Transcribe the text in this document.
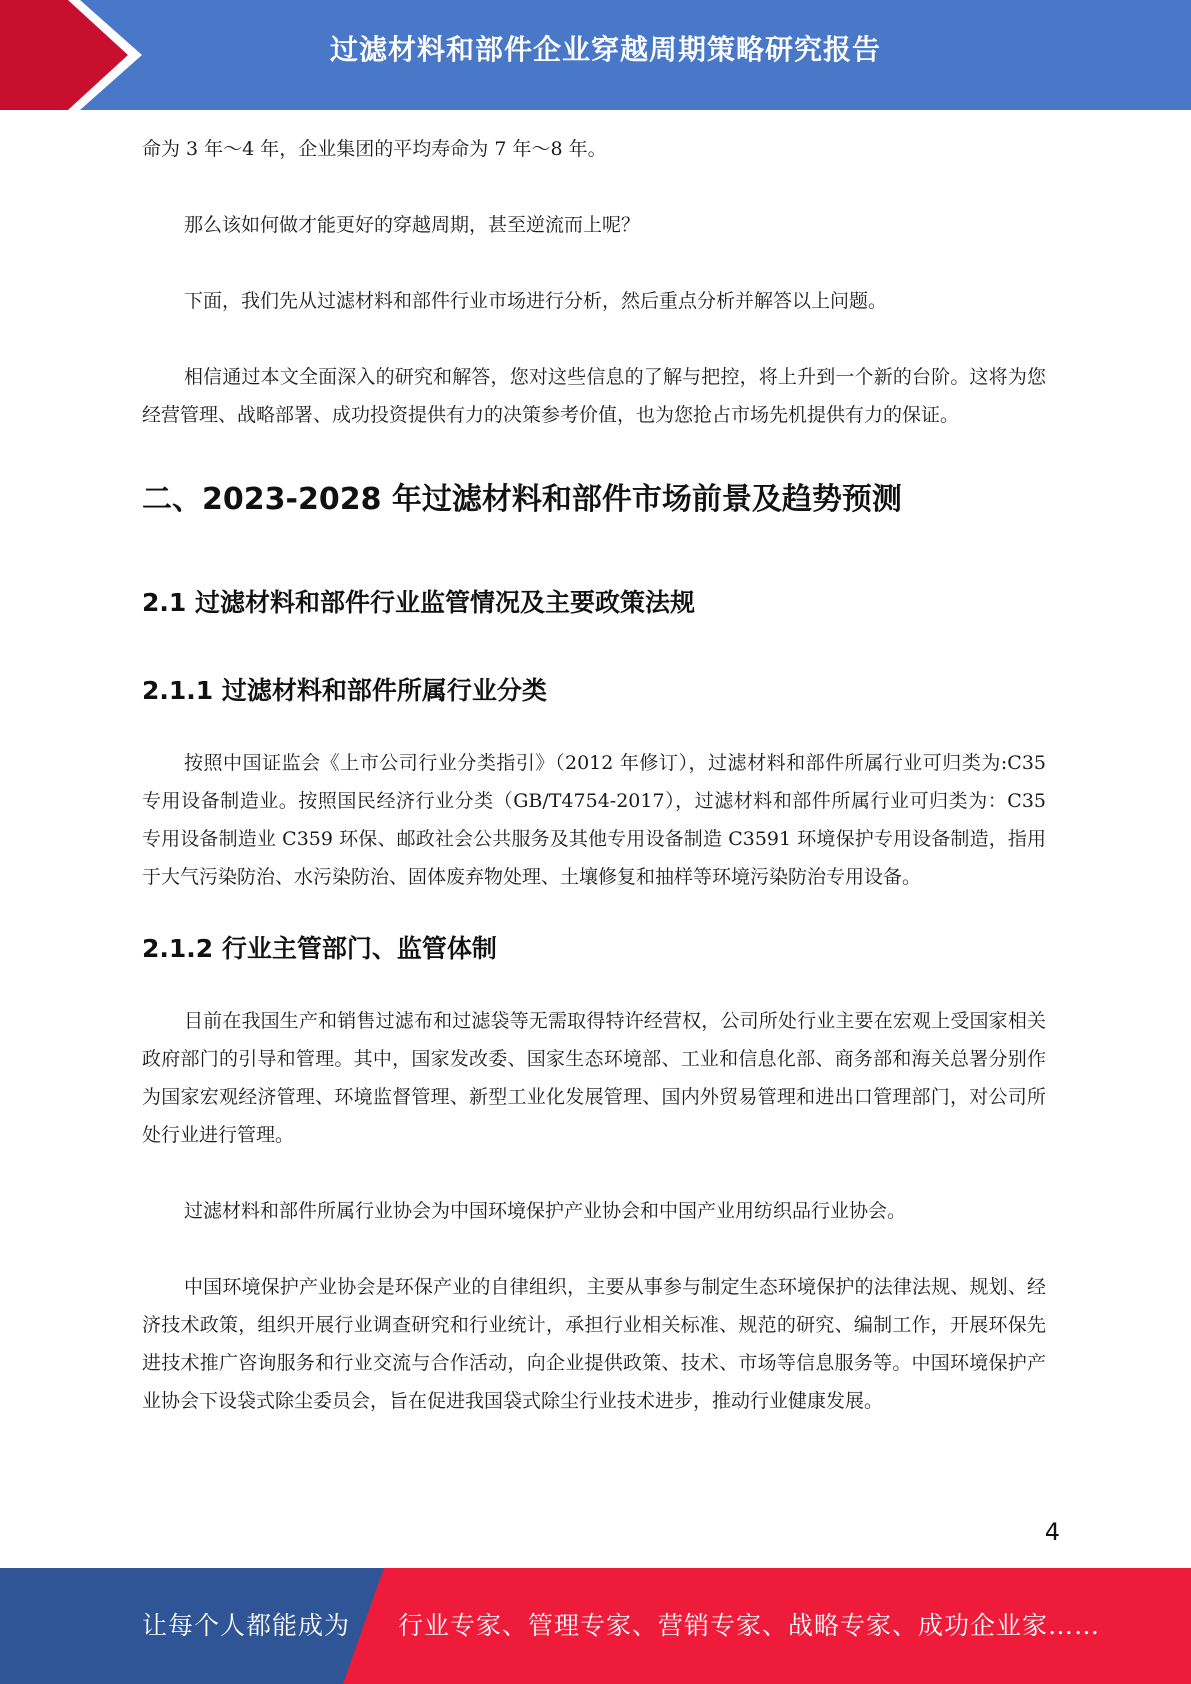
过滤材料和部件企业穿越周期策略研究报告

命为 3 年～4 年，企业集团的平均寿命为 7 年～8 年。

那么该如何做才能更好的穿越周期，甚至逆流而上呢？

下面，我们先从过滤材料和部件行业市场进行分析，然后重点分析并解答以上问题。

相信通过本文全面深入的研究和解答，您对这些信息的了解与把控，将上升到一个新的台阶。这将为您经营管理、战略部署、成功投资提供有力的决策参考价值，也为您抢占市场先机提供有力的保证。

二、2023-2028 年过滤材料和部件市场前景及趋势预测
2.1 过滤材料和部件行业监管情况及主要政策法规
2.1.1 过滤材料和部件所属行业分类

按照中国证监会《上市公司行业分类指引》（2012 年修订），过滤材料和部件所属行业可归类为:C35 专用设备制造业。按照国民经济行业分类（GB/T4754-2017），过滤材料和部件所属行业可归类为：C35 专用设备制造业 C359 环保、邮政社会公共服务及其他专用设备制造 C3591 环境保护专用设备制造，指用于大气污染防治、水污染防治、固体废弃物处理、土壤修复和抽样等环境污染防治专用设备。

2.1.2 行业主管部门、监管体制

目前在我国生产和销售过滤布和过滤袋等无需取得特许经营权，公司所处行业主要在宏观上受国家相关政府部门的引导和管理。其中，国家发改委、国家生态环境部、工业和信息化部、商务部和海关总署分别作为国家宏观经济管理、环境监督管理、新型工业化发展管理、国内外贸易管理和进出口管理部门，对公司所处行业进行管理。

过滤材料和部件所属行业协会为中国环境保护产业协会和中国产业用纺织品行业协会。

中国环境保护产业协会是环保产业的自律组织，主要从事参与制定生态环境保护的法律法规、规划、经济技术政策，组织开展行业调查研究和行业统计，承担行业相关标准、规范的研究、编制工作，开展环保先进技术推广咨询服务和行业交流与合作活动，向企业提供政策、技术、市场等信息服务等。中国环境保护产业协会下设袋式除尘委员会，旨在促进我国袋式除尘行业技术进步，推动行业健康发展。

4
让每个人都能成为 行业专家、管理专家、营销专家、战略专家、成功企业家……
